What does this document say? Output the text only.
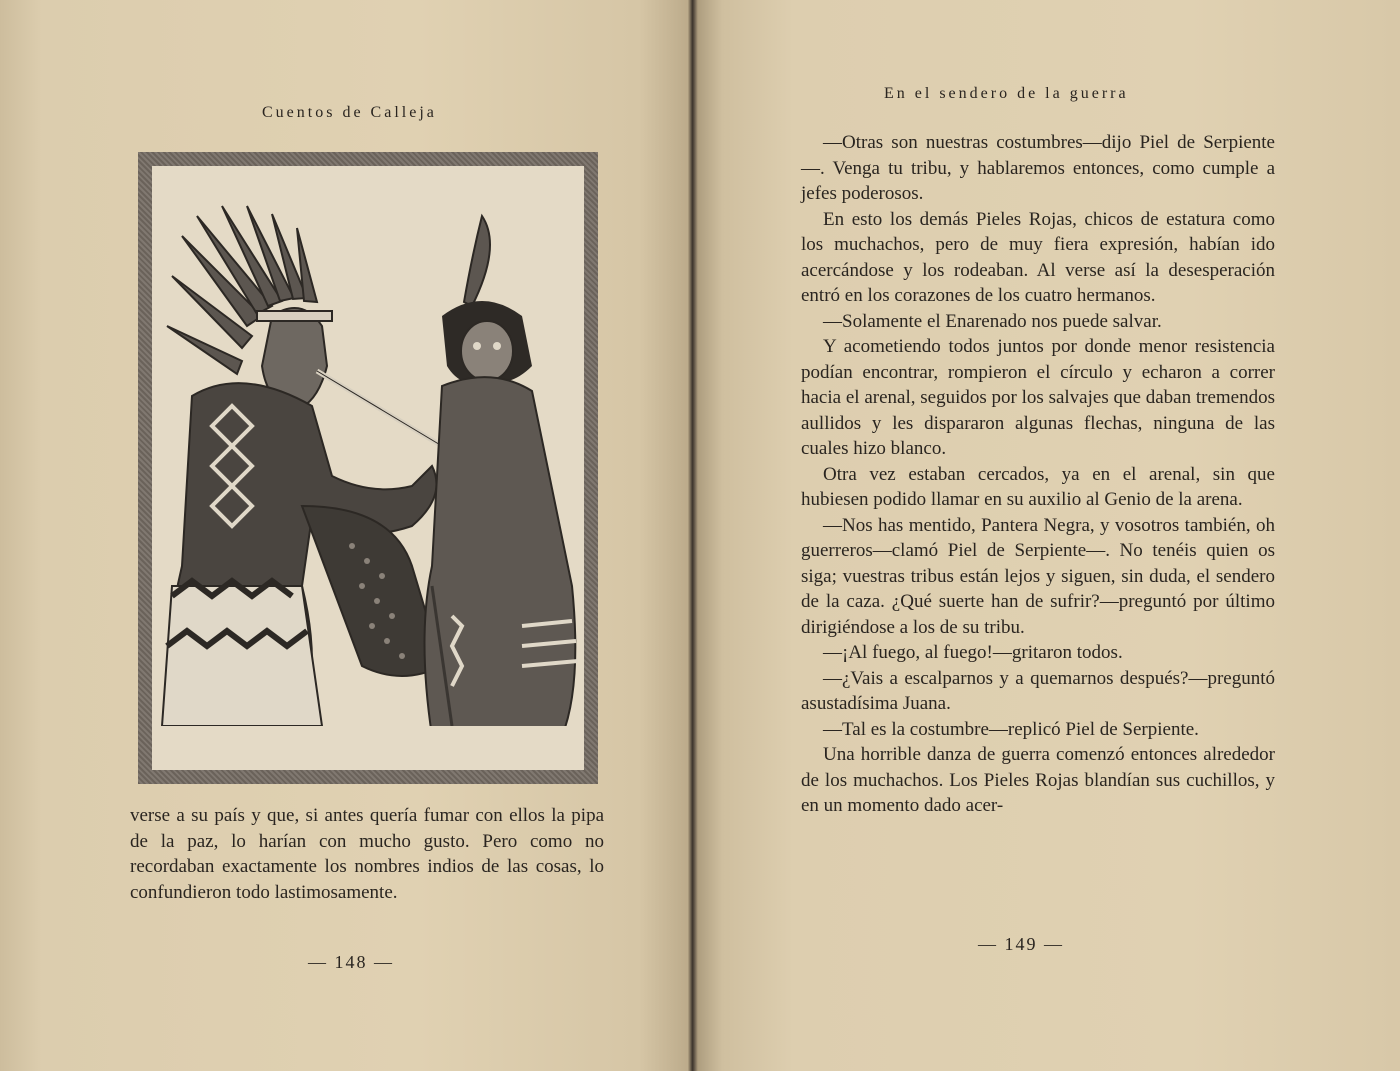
Cuentos de Calleja

verse a su país y que, si antes quería fumar con ellos la pipa de la paz, lo harían con mucho gusto. Pero como no recordaban exactamente los nombres indios de las cosas, lo confundieron todo lastimosamente.

— 148 —
En el sendero de la guerra

—Otras son nuestras costumbres—dijo Piel de Serpiente—. Venga tu tribu, y hablaremos entonces, como cumple a jefes poderosos.

En esto los demás Pieles Rojas, chicos de estatura como los muchachos, pero de muy fiera expresión, habían ido acercándose y los rodeaban. Al verse así la desesperación entró en los corazones de los cuatro hermanos.

—Solamente el Enarenado nos puede salvar.

Y acometiendo todos juntos por donde menor resistencia podían encontrar, rompieron el círculo y echaron a correr hacia el arenal, seguidos por los salvajes que daban tremendos aullidos y les dispararon algunas flechas, ninguna de las cuales hizo blanco.

Otra vez estaban cercados, ya en el arenal, sin que hubiesen podido llamar en su auxilio al Genio de la arena.

—Nos has mentido, Pantera Negra, y vosotros también, oh guerreros—clamó Piel de Serpiente—. No tenéis quien os siga; vuestras tribus están lejos y siguen, sin duda, el sendero de la caza. ¿Qué suerte han de sufrir?—preguntó por último dirigiéndose a los de su tribu.

—¡Al fuego, al fuego!—gritaron todos.

—¿Vais a escalparnos y a quemarnos después?—preguntó asustadísima Juana.

—Tal es la costumbre—replicó Piel de Serpiente.

Una horrible danza de guerra comenzó entonces alrededor de los muchachos. Los Pieles Rojas blandían sus cuchillos, y en un momento dado acer-

— 149 —
